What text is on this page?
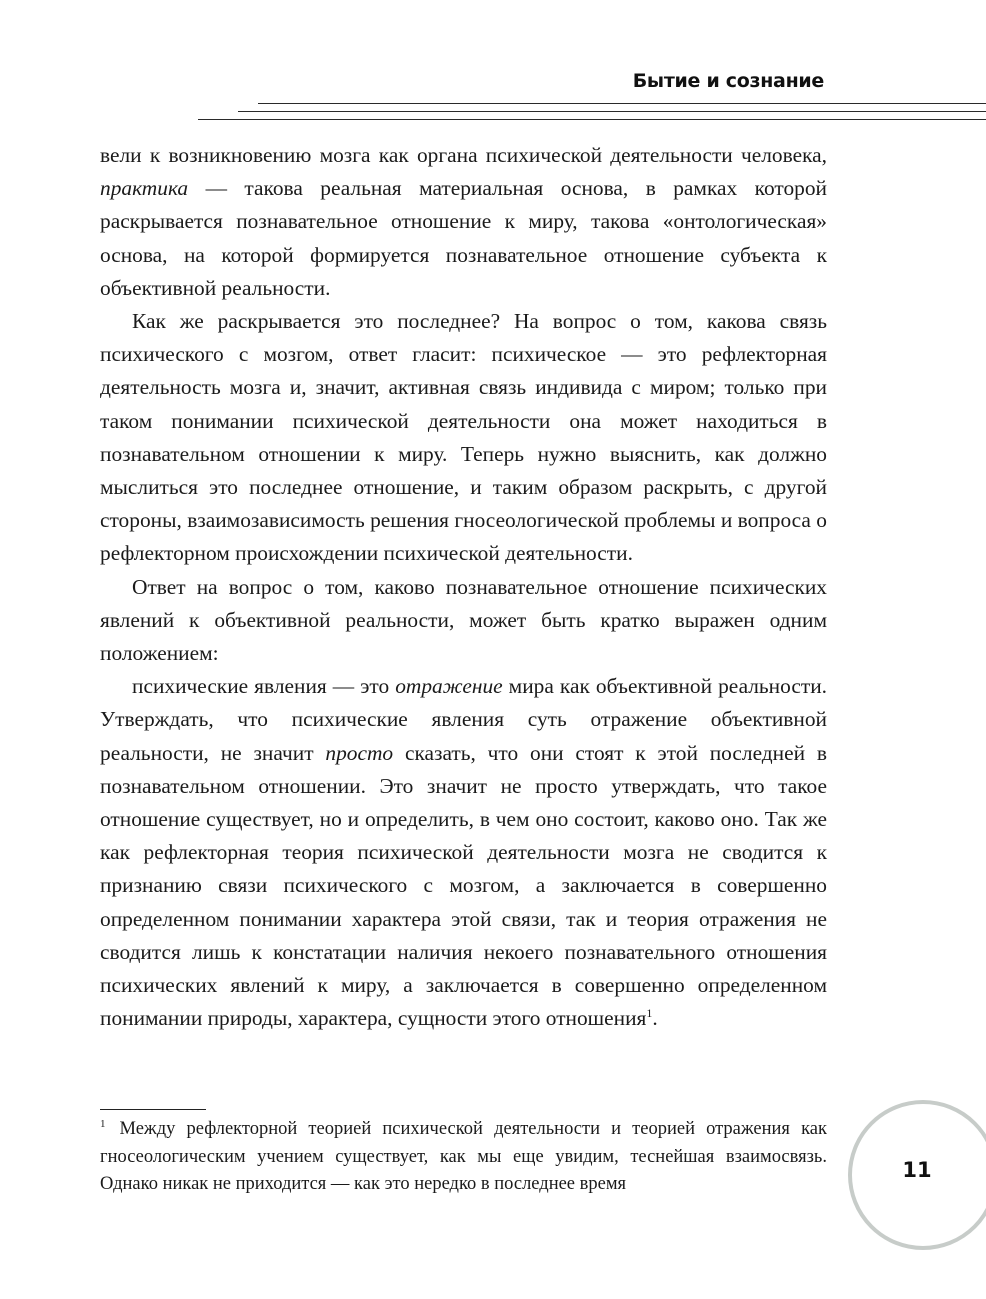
Бытие и сознание

вели к возникновению мозга как органа психической деятельности человека, практика — такова реальная материальная основа, в рамках которой раскрывается познавательное отношение к миру, такова «онтологическая» основа, на которой формируется познавательное отношение субъекта к объективной реальности.

Как же раскрывается это последнее? На вопрос о том, какова связь психического с мозгом, ответ гласит: психическое — это рефлекторная деятельность мозга и, значит, активная связь индивида с миром; только при таком понимании психической деятельности она может находиться в познавательном отношении к миру. Теперь нужно выяснить, как должно мыслиться это последнее отношение, и таким образом раскрыть, с другой стороны, взаимозависимость решения гносеологической проблемы и вопроса о рефлекторном происхождении психической деятельности.

Ответ на вопрос о том, каково познавательное отношение психических явлений к объективной реальности, может быть кратко выражен одним положением:

психические явления — это отражение мира как объективной реальности. Утверждать, что психические явления суть отражение объективной реальности, не значит просто сказать, что они стоят к этой последней в познавательном отношении. Это значит не просто утверждать, что такое отношение существует, но и определить, в чем оно состоит, каково оно. Так же как рефлекторная теория психической деятельности мозга не сводится к признанию связи психического с мозгом, а заключается в совершенно определенном понимании характера этой связи, так и теория отражения не сводится лишь к констатации наличия некоего познавательного отношения психических явлений к миру, а заключается в совершенно определенном понимании природы, характера, сущности этого отношения$^1$.

$^1$ Между рефлекторной теорией психической деятельности и теорией отражения как гносеологическим учением существует, как мы еще увидим, теснейшая взаимосвязь. Однако никак не приходится — как это нередко в последнее время

11
